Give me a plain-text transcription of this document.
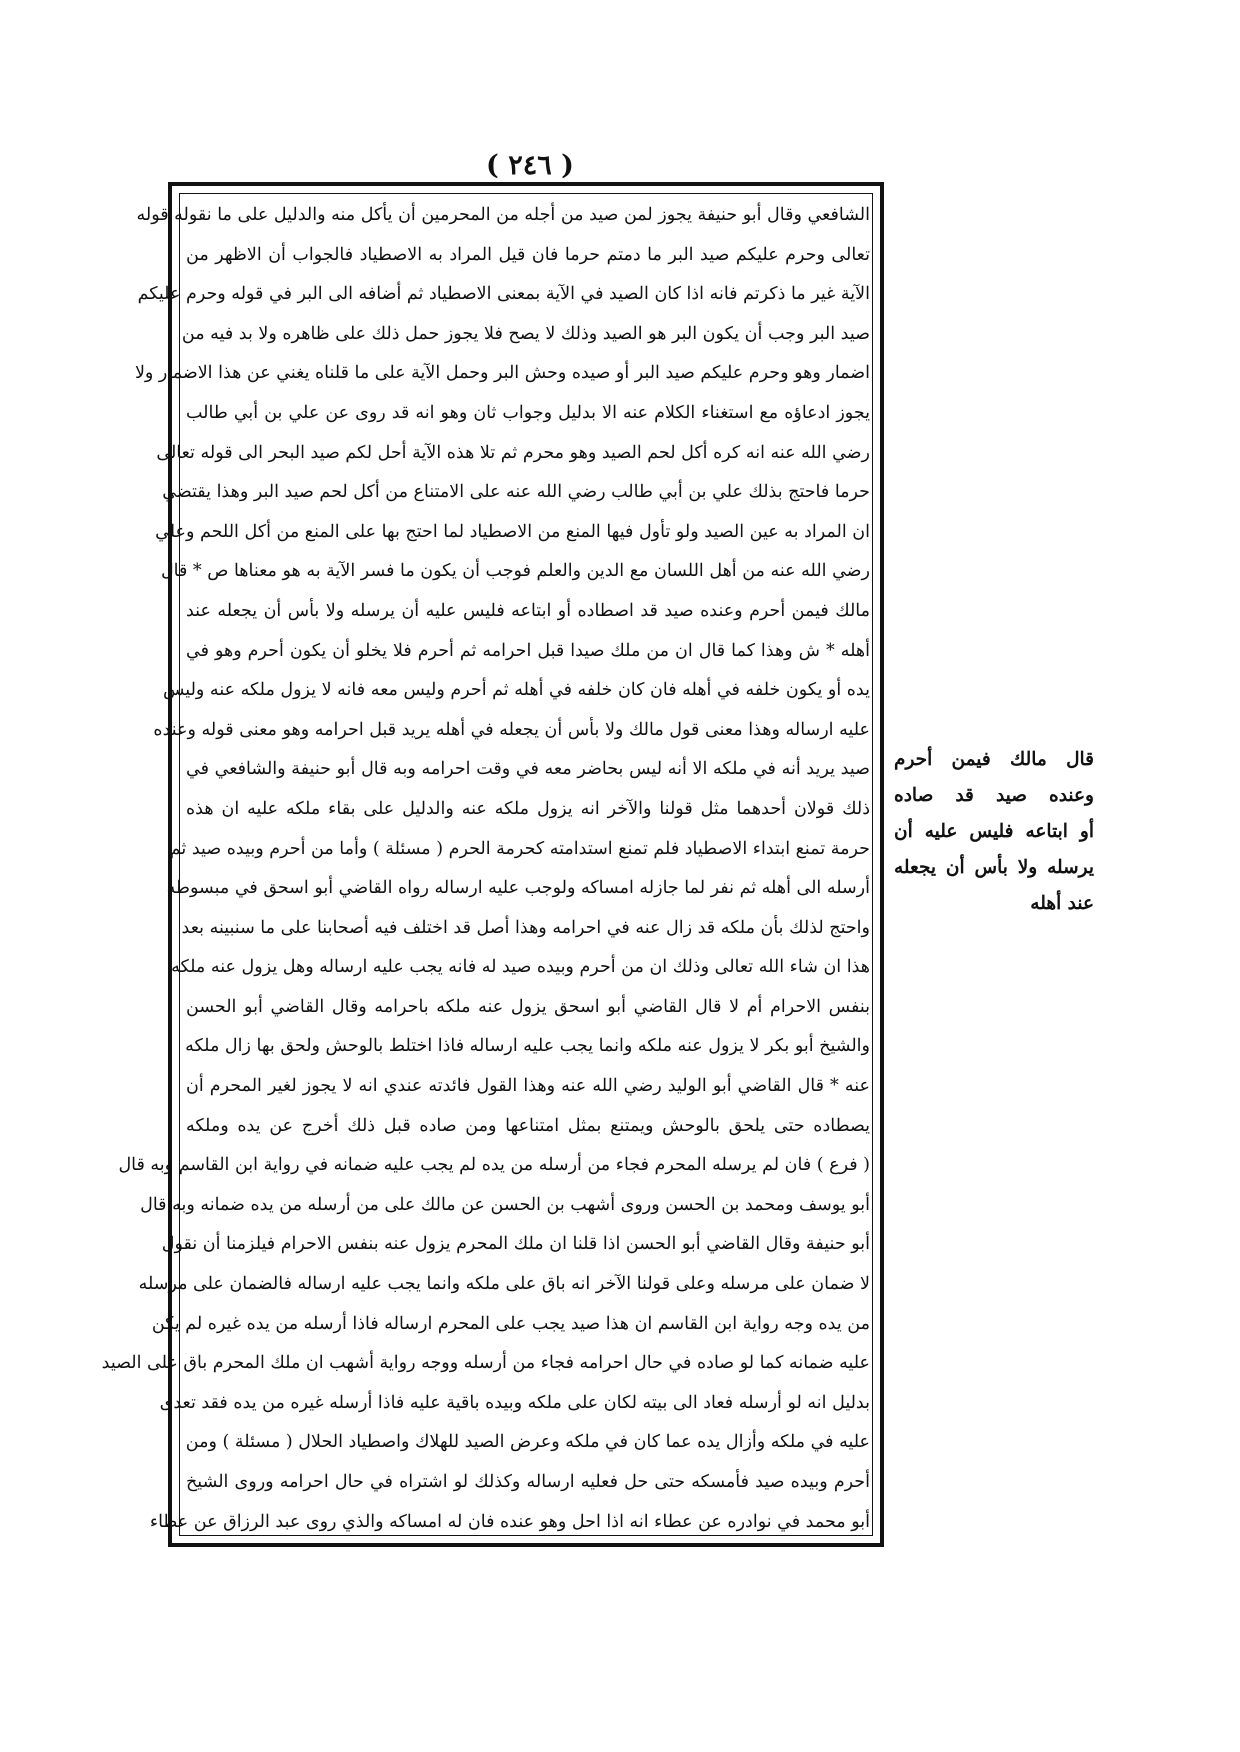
( ٢٤٦ )
الشافعي وقال أبو حنيفة يجوز لمن صيد من أجله من المحرمين أن يأكل منه والدليل على ما نقوله قوله
تعالى وحرم عليكم صيد البر ما دمتم حرما فان قيل المراد به الاصطياد فالجواب أن الاظهر من
الآية غير ما ذكرتم فانه اذا كان الصيد في الآية بمعنى الاصطياد ثم أضافه الى البر في قوله وحرم عليكم
صيد البر وجب أن يكون البر هو الصيد وذلك لا يصح فلا يجوز حمل ذلك على ظاهره ولا بد فيه من
اضمار وهو وحرم عليكم صيد البر أو صيده وحش البر وحمل الآية على ما قلناه يغني عن هذا الاضمار ولا
يجوز ادعاؤه مع استغناء الكلام عنه الا بدليل وجواب ثان وهو انه قد روى عن علي بن أبي طالب
رضي الله عنه انه كره أكل لحم الصيد وهو محرم ثم تلا هذه الآية أحل لكم صيد البحر الى قوله تعالى
حرما فاحتج بذلك علي بن أبي طالب رضي الله عنه على الامتناع من أكل لحم صيد البر وهذا يقتضي
ان المراد به عين الصيد ولو تأول فيها المنع من الاصطياد لما احتج بها على المنع من أكل اللحم وعلي
رضي الله عنه من أهل اللسان مع الدين والعلم فوجب أن يكون ما فسر الآية به هو معناها ص * قال
مالك فيمن أحرم وعنده صيد قد اصطاده أو ابتاعه فليس عليه أن يرسله ولا بأس أن يجعله عند
أهله * ش وهذا كما قال ان من ملك صيدا قبل احرامه ثم أحرم فلا يخلو أن يكون أحرم وهو في
يده أو يكون خلفه في أهله فان كان خلفه في أهله ثم أحرم وليس معه فانه لا يزول ملكه عنه وليس
عليه ارساله وهذا معنى قول مالك ولا بأس أن يجعله في أهله يريد قبل احرامه وهو معنى قوله وعنده
صيد يريد أنه في ملكه الا أنه ليس بحاضر معه في وقت احرامه وبه قال أبو حنيفة والشافعي في
ذلك قولان أحدهما مثل قولنا والآخر انه يزول ملكه عنه والدليل على بقاء ملكه عليه ان هذه
حرمة تمنع ابتداء الاصطياد فلم تمنع استدامته كحرمة الحرم ( مسئلة ) وأما من أحرم وبيده صيد ثم
أرسله الى أهله ثم نفر لما جازله امساكه ولوجب عليه ارساله رواه القاضي أبو اسحق في مبسوطه
واحتج لذلك بأن ملكه قد زال عنه في احرامه وهذا أصل قد اختلف فيه أصحابنا على ما سنبينه بعد
هذا ان شاء الله تعالى وذلك ان من أحرم وبيده صيد له فانه يجب عليه ارساله وهل يزول عنه ملكه
بنفس الاحرام أم لا قال القاضي أبو اسحق يزول عنه ملكه باحرامه وقال القاضي أبو الحسن
والشيخ أبو بكر لا يزول عنه ملكه وانما يجب عليه ارساله فاذا اختلط بالوحش ولحق بها زال ملكه
عنه * قال القاضي أبو الوليد رضي الله عنه وهذا القول فائدته عندي انه لا يجوز لغير المحرم أن
يصطاده حتى يلحق بالوحش ويمتنع بمثل امتناعها ومن صاده قبل ذلك أخرج عن يده وملكه
( فرع ) فان لم يرسله المحرم فجاء من أرسله من يده لم يجب عليه ضمانه في رواية ابن القاسم وبه قال
أبو يوسف ومحمد بن الحسن وروى أشهب بن الحسن عن مالك على من أرسله من يده ضمانه وبه قال
أبو حنيفة وقال القاضي أبو الحسن اذا قلنا ان ملك المحرم يزول عنه بنفس الاحرام فيلزمنا أن نقول
لا ضمان على مرسله وعلى قولنا الآخر انه باق على ملكه وانما يجب عليه ارساله فالضمان على مرسله
من يده وجه رواية ابن القاسم ان هذا صيد يجب على المحرم ارساله فاذا أرسله من يده غيره لم يكن
عليه ضمانه كما لو صاده في حال احرامه فجاء من أرسله ووجه رواية أشهب ان ملك المحرم باق على الصيد
بدليل انه لو أرسله فعاد الى بيته لكان على ملكه وبيده باقية عليه فاذا أرسله غيره من يده فقد تعدى
عليه في ملكه وأزال يده عما كان في ملكه وعرض الصيد للهلاك واصطياد الحلال ( مسئلة ) ومن
أحرم وبيده صيد فأمسكه حتى حل فعليه ارساله وكذلك لو اشتراه في حال احرامه وروى الشيخ
أبو محمد في نوادره عن عطاء انه اذا احل وهو عنده فان له امساكه والذي روى عبد الرزاق عن عطاء
قال مالك فيمن أحرم
وعنده صيد قد صاده
أو ابتاعه فليس عليه أن
يرسله ولا بأس أن يجعله
عند أهله
